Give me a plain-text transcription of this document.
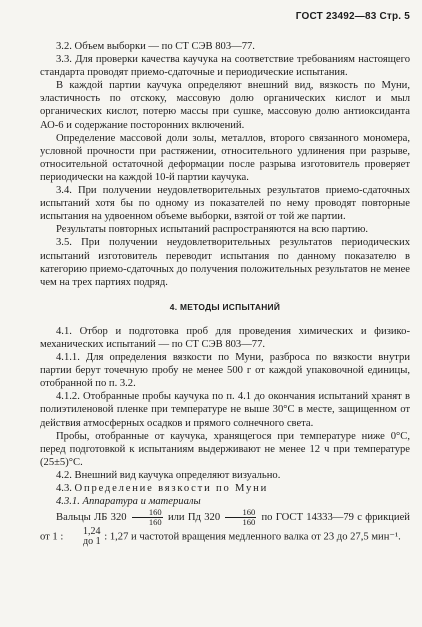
ГОСТ 23492—83 Стр. 5

3.2. Объем выборки — по СТ СЭВ 803—77.

3.3. Для проверки качества каучука на соответствие требованиям настоящего стандарта проводят приемо-сдаточные и периодические испытания.

В каждой партии каучука определяют внешний вид, вязкость по Муни, эластичность по отскоку, массовую долю органических кислот и мыл органических кислот, потерю массы при сушке, массовую долю антиоксиданта АО-6 и содержание посторонних включений.

Определение массовой доли золы, металлов, второго связанного мономера, условной прочности при растяжении, относительного удлинения при разрыве, относительной остаточной деформации после разрыва изготовитель проверяет периодически на каждой 10-й партии каучука.

3.4. При получении неудовлетворительных результатов приемо-сдаточных испытаний хотя бы по одному из показателей по нему проводят повторные испытания на удвоенном объеме выборки, взятой от той же партии.

Результаты повторных испытаний распространяются на всю партию.

3.5. При получении неудовлетворительных результатов периодических испытаний изготовитель переводит испытания по данному показателю в категорию приемо-сдаточных до получения положительных результатов не менее чем на трех партиях подряд.

4. МЕТОДЫ ИСПЫТАНИЙ

4.1. Отбор и подготовка проб для проведения химических и физико-механических испытаний — по СТ СЭВ 803—77.

4.1.1. Для определения вязкости по Муни, разброса по вязкости внутри партии берут точечную пробу не менее 500 г от каждой упаковочной единицы, отобранной по п. 3.2.

4.1.2. Отобранные пробы каучука по п. 4.1 до окончания испытаний хранят в полиэтиленовой пленке при температуре не выше 30°С в месте, защищенном от действия атмосферных осадков и прямого солнечного света.

Пробы, отобранные от каучука, хранящегося при температуре ниже 0°С, перед подготовкой к испытаниям выдерживают не менее 12 ч при температуре (25±5)°С.

4.2. Внешний вид каучука определяют визуально.

4.3. Определение вязкости по Муни

4.3.1. Аппаратура и материалы

Вальцы ЛБ $320 \frac{160}{160}$ или Пд $320 \frac{160}{160}$ по ГОСТ 14333—79 с фрикцией от 1 :	1,24
до 1 : 1,27 и частотой вращения медленного валка от 23 до 27,5 мин⁻¹.
